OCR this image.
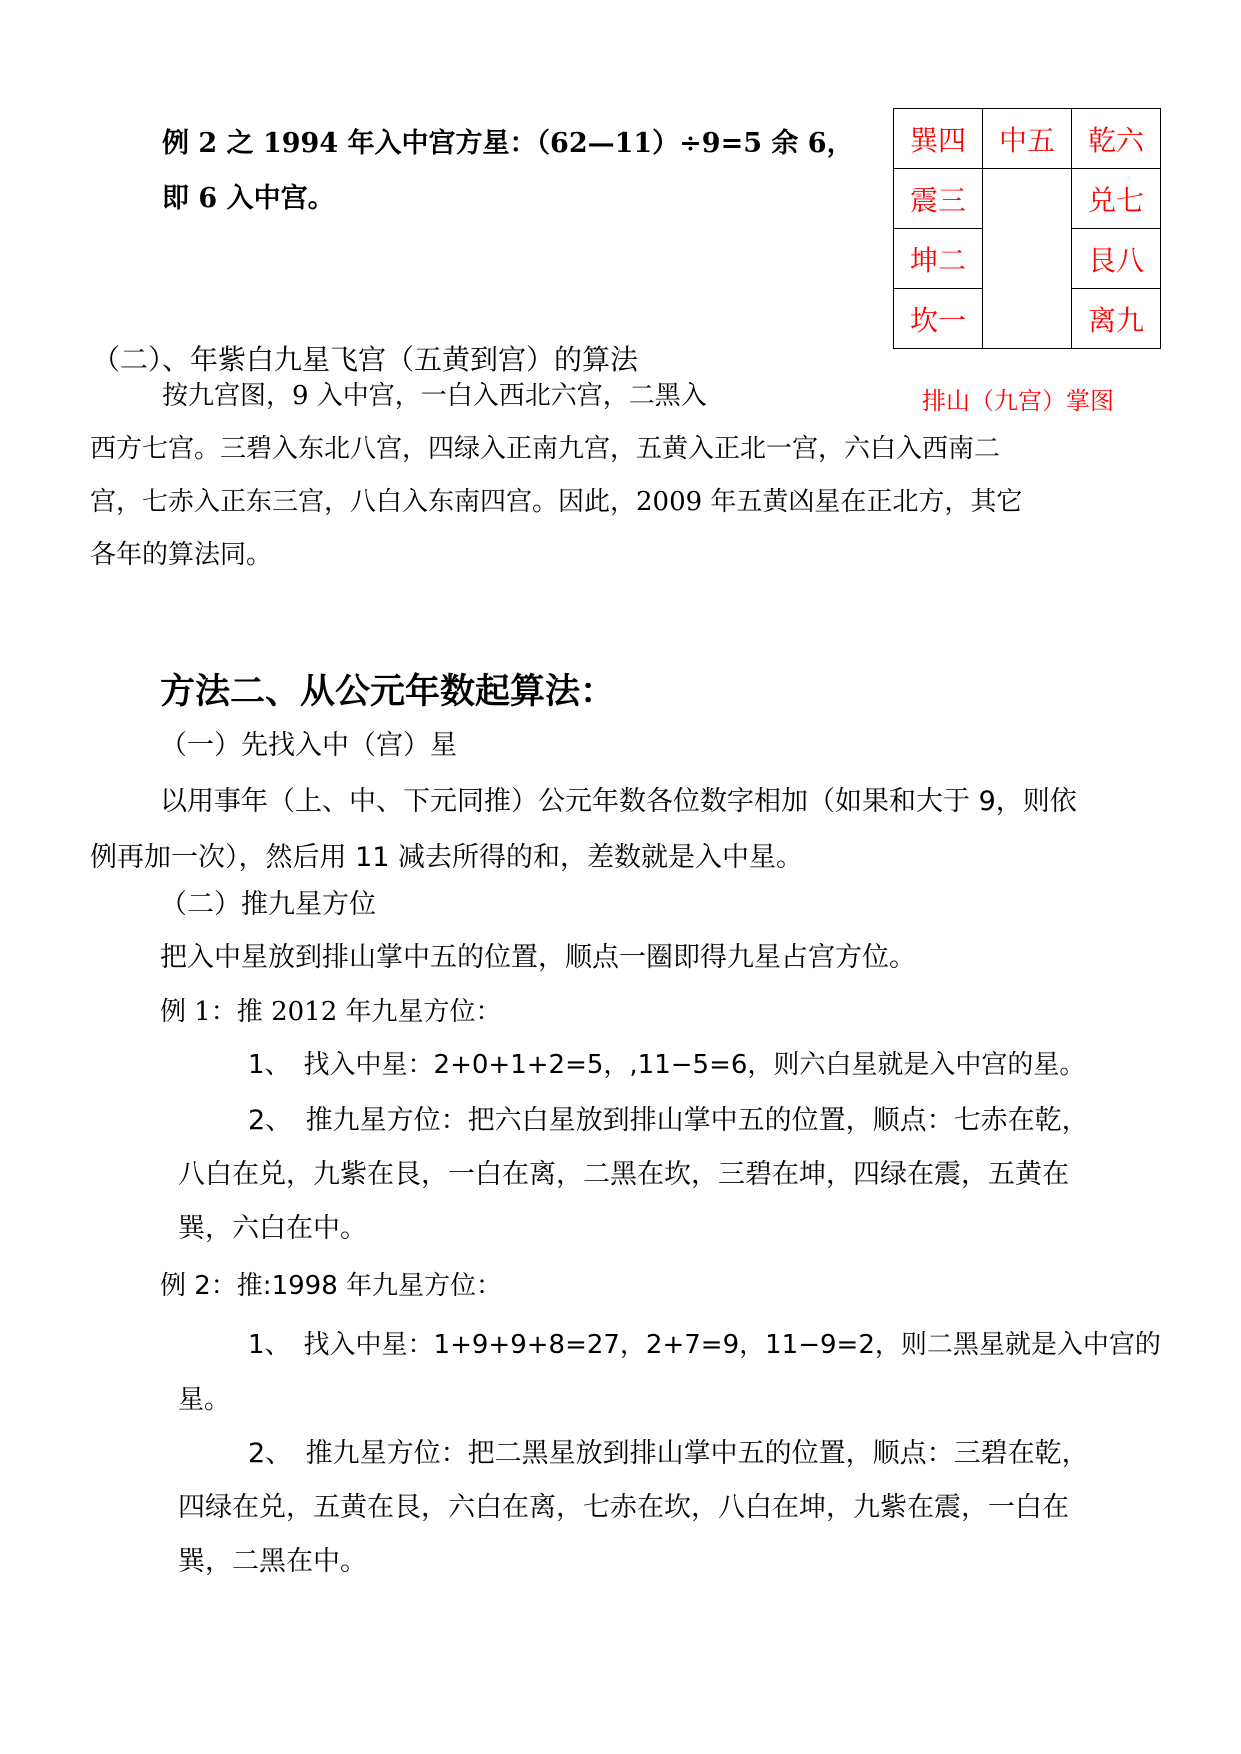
例 2 之 1994 年入中宫方星：（62—11）÷9=5 余 6，
即 6 入中宫。
巽四	中五	乾六
震三		兑七
坤二		艮八
坎一		离九
排山（九宫）掌图
（二）、年紫白九星飞宫（五黄到宫）的算法
按九宫图，9 入中宫，一白入西北六宫，二黑入
西方七宫。三碧入东北八宫，四绿入正南九宫，五黄入正北一宫，六白入西南二
宫，七赤入正东三宫，八白入东南四宫。因此，2009 年五黄凶星在正北方，其它
各年的算法同。
方法二、从公元年数起算法：
（一）先找入中（宫）星
以用事年（上、中、下元同推）公元年数各位数字相加（如果和大于 9，则依
例再加一次），然后用 11 减去所得的和，差数就是入中星。
（二）推九星方位
把入中星放到排山掌中五的位置，顺点一圈即得九星占宫方位。
例 1：推 2012 年九星方位：
1、　找入中星：2+0+1+2=5，,11−5=6，则六白星就是入中宫的星。
2、　推九星方位：把六白星放到排山掌中五的位置，顺点：七赤在乾，
八白在兑，九紫在艮，一白在离，二黑在坎，三碧在坤，四绿在震，五黄在
巽，六白在中。
例 2：推:1998 年九星方位：
1、　找入中星：1+9+9+8=27，2+7=9，11−9=2，则二黑星就是入中宫的
星。
2、　推九星方位：把二黑星放到排山掌中五的位置，顺点：三碧在乾，
四绿在兑，五黄在艮，六白在离，七赤在坎，八白在坤，九紫在震，一白在
巽，二黑在中。
